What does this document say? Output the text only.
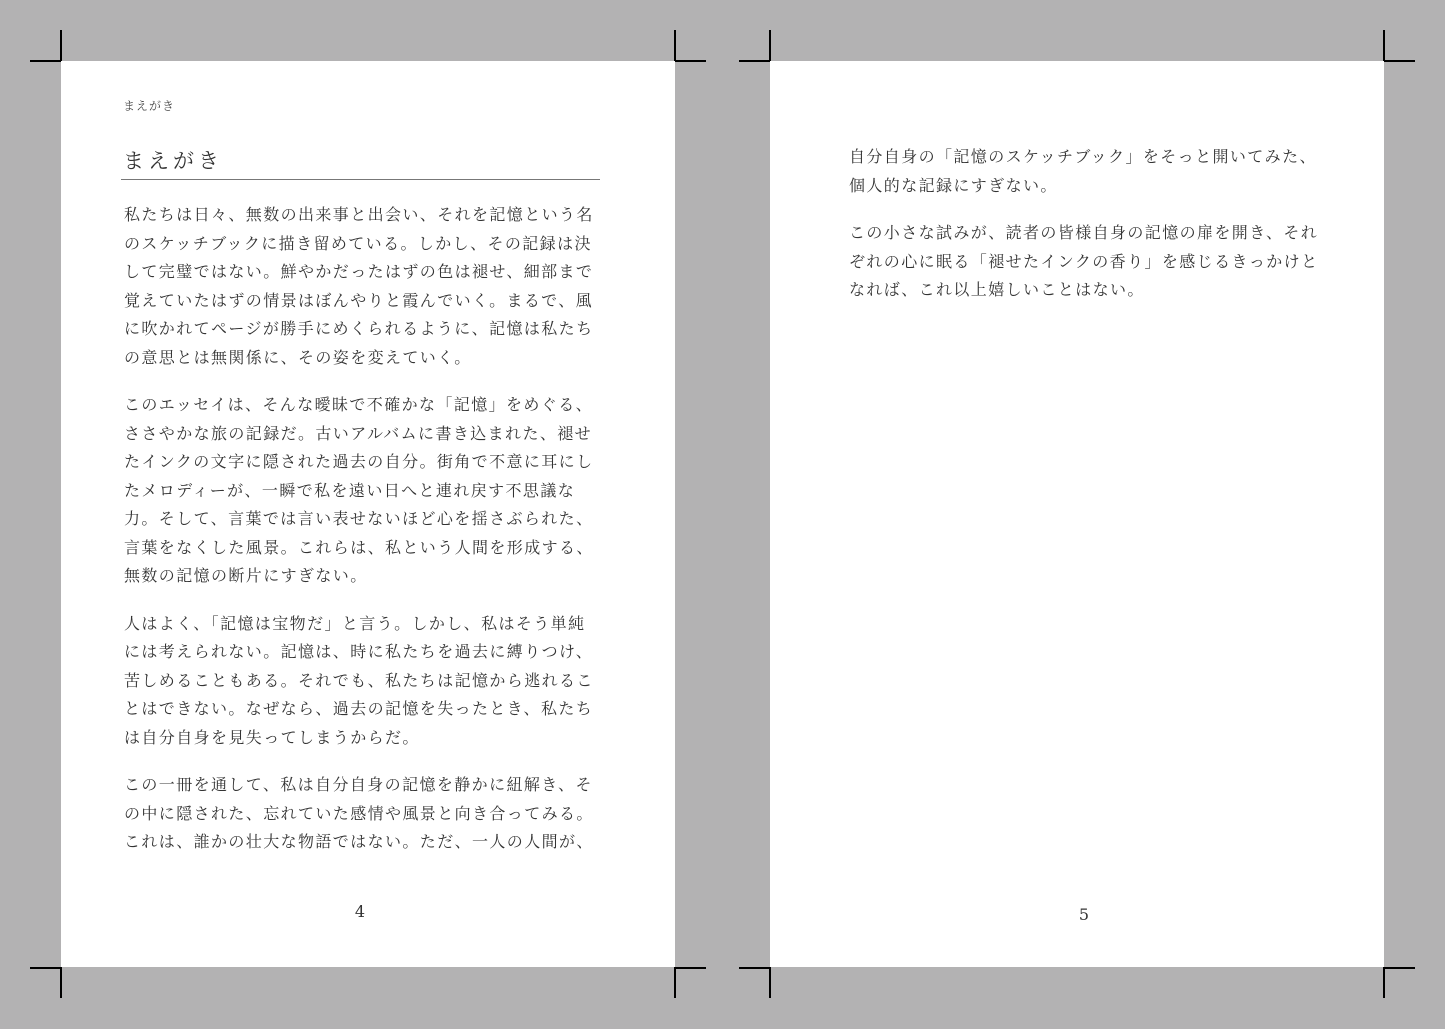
まえがき
まえがき

私たちは日々、無数の出来事と出会い、それを記憶という名のスケッチブックに描き留めている。しかし、その記録は決して完璧ではない。鮮やかだったはずの色は褪せ、細部まで覚えていたはずの情景はぼんやりと霞んでいく。まるで、風に吹かれてページが勝手にめくられるように、記憶は私たちの意思とは無関係に、その姿を変えていく。

このエッセイは、そんな曖昧で不確かな「記憶」をめぐる、ささやかな旅の記録だ。古いアルバムに書き込まれた、褪せたインクの文字に隠された過去の自分。街角で不意に耳にしたメロディーが、一瞬で私を遠い日へと連れ戻す不思議な力。そして、言葉では言い表せないほど心を揺さぶられた、言葉をなくした風景。これらは、私という人間を形成する、無数の記憶の断片にすぎない。

人はよく、「記憶は宝物だ」と言う。しかし、私はそう単純には考えられない。記憶は、時に私たちを過去に縛りつけ、苦しめることもある。それでも、私たちは記憶から逃れることはできない。なぜなら、過去の記憶を失ったとき、私たちは自分自身を見失ってしまうからだ。

この一冊を通して、私は自分自身の記憶を静かに紐解き、その中に隠された、忘れていた感情や風景と向き合ってみる。これは、誰かの壮大な物語ではない。ただ、一人の人間が、

4

自分自身の「記憶のスケッチブック」をそっと開いてみた、個人的な記録にすぎない。

この小さな試みが、読者の皆様自身の記憶の扉を開き、それぞれの心に眠る「褪せたインクの香り」を感じるきっかけとなれば、これ以上嬉しいことはない。

5
